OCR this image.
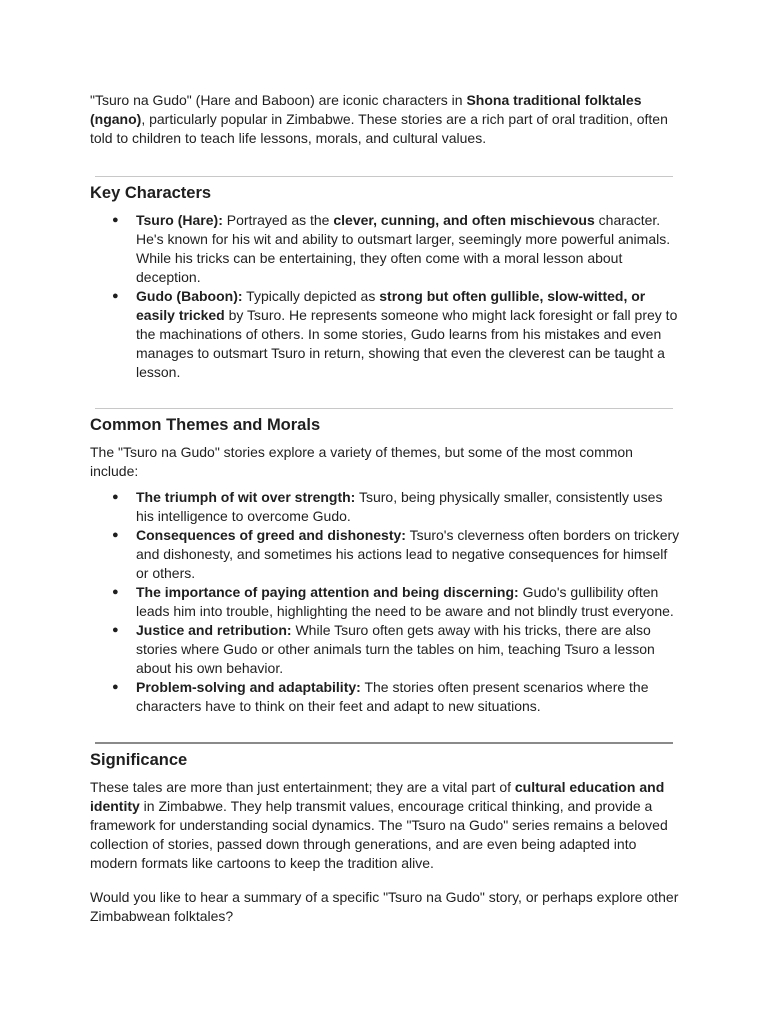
"Tsuro na Gudo" (Hare and Baboon) are iconic characters in Shona traditional folktales (ngano), particularly popular in Zimbabwe. These stories are a rich part of oral tradition, often told to children to teach life lessons, morals, and cultural values.

Key Characters
● Tsuro (Hare): Portrayed as the clever, cunning, and often mischievous character. He's known for his wit and ability to outsmart larger, seemingly more powerful animals. While his tricks can be entertaining, they often come with a moral lesson about deception.
● Gudo (Baboon): Typically depicted as strong but often gullible, slow-witted, or easily tricked by Tsuro. He represents someone who might lack foresight or fall prey to the machinations of others. In some stories, Gudo learns from his mistakes and even manages to outsmart Tsuro in return, showing that even the cleverest can be taught a lesson.
Common Themes and Morals

The "Tsuro na Gudo" stories explore a variety of themes, but some of the most common include:

● The triumph of wit over strength: Tsuro, being physically smaller, consistently uses his intelligence to overcome Gudo.
● Consequences of greed and dishonesty: Tsuro's cleverness often borders on trickery and dishonesty, and sometimes his actions lead to negative consequences for himself or others.
● The importance of paying attention and being discerning: Gudo's gullibility often leads him into trouble, highlighting the need to be aware and not blindly trust everyone.
● Justice and retribution: While Tsuro often gets away with his tricks, there are also stories where Gudo or other animals turn the tables on him, teaching Tsuro a lesson about his own behavior.
● Problem-solving and adaptability: The stories often present scenarios where the characters have to think on their feet and adapt to new situations.
Significance

These tales are more than just entertainment; they are a vital part of cultural education and identity in Zimbabwe. They help transmit values, encourage critical thinking, and provide a framework for understanding social dynamics. The "Tsuro na Gudo" series remains a beloved collection of stories, passed down through generations, and are even being adapted into modern formats like cartoons to keep the tradition alive.

Would you like to hear a summary of a specific "Tsuro na Gudo" story, or perhaps explore other Zimbabwean folktales?
